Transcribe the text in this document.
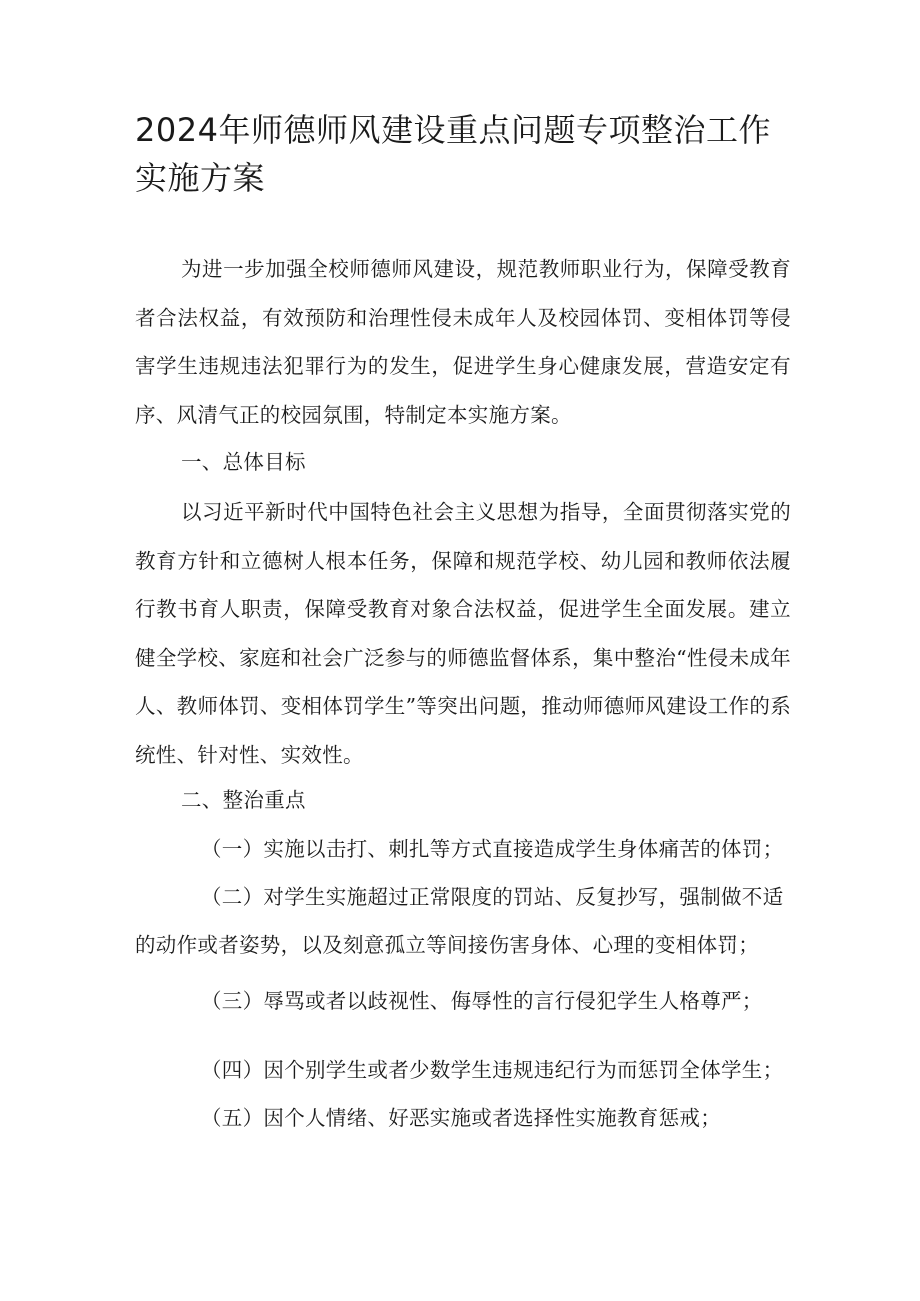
2024年师德师风建设重点问题专项整治工作实施方案

为进一步加强全校师德师风建设，规范教师职业行为，保障受教育者合法权益，有效预防和治理性侵未成年人及校园体罚、变相体罚等侵害学生违规违法犯罪行为的发生，促进学生身心健康发展，营造安定有序、风清气正的校园氛围，特制定本实施方案。

一、总体目标

以习近平新时代中国特色社会主义思想为指导，全面贯彻落实党的教育方针和立德树人根本任务，保障和规范学校、幼儿园和教师依法履行教书育人职责，保障受教育对象合法权益，促进学生全面发展。建立健全学校、家庭和社会广泛参与的师德监督体系，集中整治“性侵未成年人、教师体罚、变相体罚学生”等突出问题，推动师德师风建设工作的系统性、针对性、实效性。

二、整治重点

（一）实施以击打、刺扎等方式直接造成学生身体痛苦的体罚；

（二）对学生实施超过正常限度的罚站、反复抄写，强制做不适的动作或者姿势，以及刻意孤立等间接伤害身体、心理的变相体罚；

（三）辱骂或者以歧视性、侮辱性的言行侵犯学生人格尊严；

（四）因个别学生或者少数学生违规违纪行为而惩罚全体学生；

（五）因个人情绪、好恶实施或者选择性实施教育惩戒；
